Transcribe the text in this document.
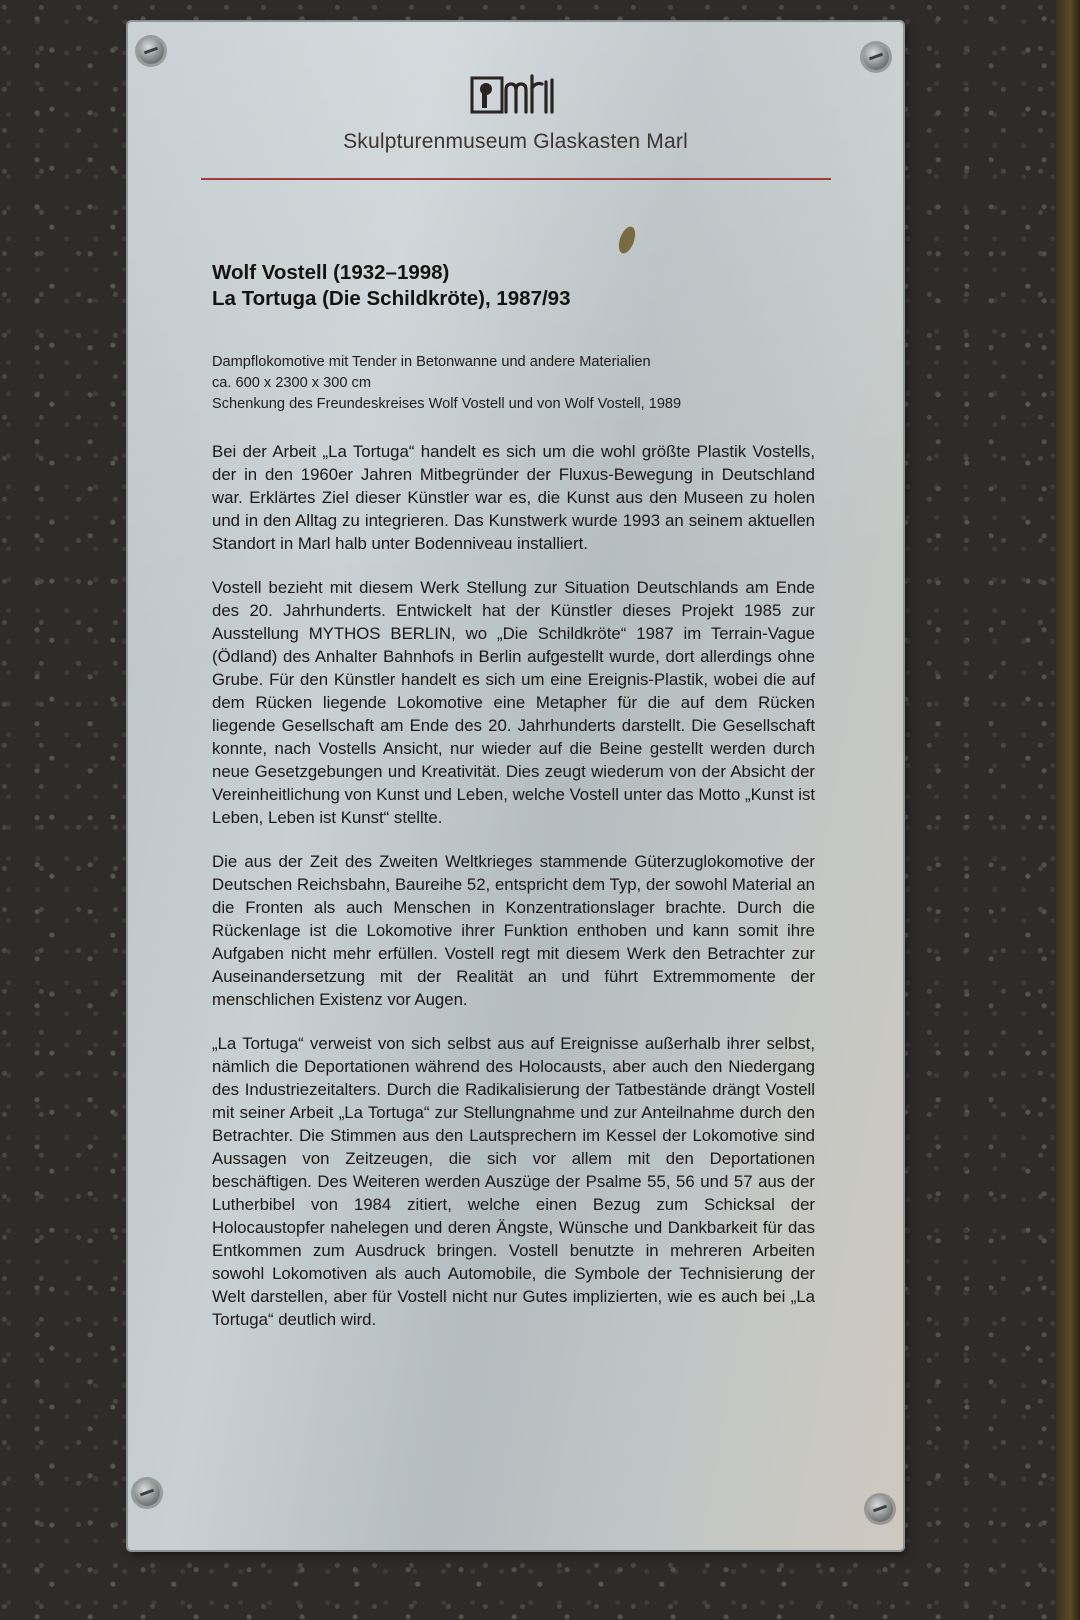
Skulpturenmuseum Glaskasten Marl
Wolf Vostell (1932–1998)
La Tortuga (Die Schildkröte), 1987/93
Dampflokomotive mit Tender in Betonwanne und andere Materialien
ca. 600 x 2300 x 300 cm
Schenkung des Freundeskreises Wolf Vostell und von Wolf Vostell, 1989

Bei der Arbeit „La Tortuga“ handelt es sich um die wohl größte Plastik Vostells, der in den 1960er Jahren Mitbegründer der Fluxus-Bewegung in Deutschland war. Erklärtes Ziel dieser Künstler war es, die Kunst aus den Museen zu holen und in den Alltag zu integrieren. Das Kunstwerk wurde 1993 an seinem aktuellen Standort in Marl halb unter Bodenniveau installiert.

Vostell bezieht mit diesem Werk Stellung zur Situation Deutschlands am Ende des 20. Jahrhunderts. Entwickelt hat der Künstler dieses Projekt 1985 zur Ausstellung MYTHOS BERLIN, wo „Die Schildkröte“ 1987 im Terrain-Vague (Ödland) des Anhalter Bahnhofs in Berlin aufgestellt wurde, dort allerdings ohne Grube. Für den Künstler handelt es sich um eine Ereignis-Plastik, wobei die auf dem Rücken liegende Lokomotive eine Metapher für die auf dem Rücken liegende Gesellschaft am Ende des 20. Jahrhunderts darstellt. Die Gesellschaft konnte, nach Vostells Ansicht, nur wieder auf die Beine gestellt werden durch neue Gesetzgebungen und Kreativität. Dies zeugt wiederum von der Absicht der Vereinheitlichung von Kunst und Leben, welche Vostell unter das Motto „Kunst ist Leben, Leben ist Kunst“ stellte.

Die aus der Zeit des Zweiten Weltkrieges stammende Güterzuglokomotive der Deutschen Reichsbahn, Baureihe 52, entspricht dem Typ, der sowohl Material an die Fronten als auch Menschen in Konzentrationslager brachte. Durch die Rückenlage ist die Lokomotive ihrer Funktion enthoben und kann somit ihre Aufgaben nicht mehr erfüllen. Vostell regt mit diesem Werk den Betrachter zur Auseinandersetzung mit der Realität an und führt Extremmomente der menschlichen Existenz vor Augen.

„La Tortuga“ verweist von sich selbst aus auf Ereignisse außerhalb ihrer selbst, nämlich die Deportationen während des Holocausts, aber auch den Niedergang des Industriezeitalters. Durch die Radikalisierung der Tatbestände drängt Vostell mit seiner Arbeit „La Tortuga“ zur Stellungnahme und zur Anteilnahme durch den Betrachter. Die Stimmen aus den Lautsprechern im Kessel der Lokomotive sind Aussagen von Zeitzeugen, die sich vor allem mit den Deportationen beschäftigen. Des Weiteren werden Auszüge der Psalme 55, 56 und 57 aus der Lutherbibel von 1984 zitiert, welche einen Bezug zum Schicksal der Holocaustopfer nahelegen und deren Ängste, Wünsche und Dankbarkeit für das Entkommen zum Ausdruck bringen. Vostell benutzte in mehreren Arbeiten sowohl Lokomotiven als auch Automobile, die Symbole der Technisierung der Welt darstellen, aber für Vostell nicht nur Gutes implizierten, wie es auch bei „La Tortuga“ deutlich wird.
